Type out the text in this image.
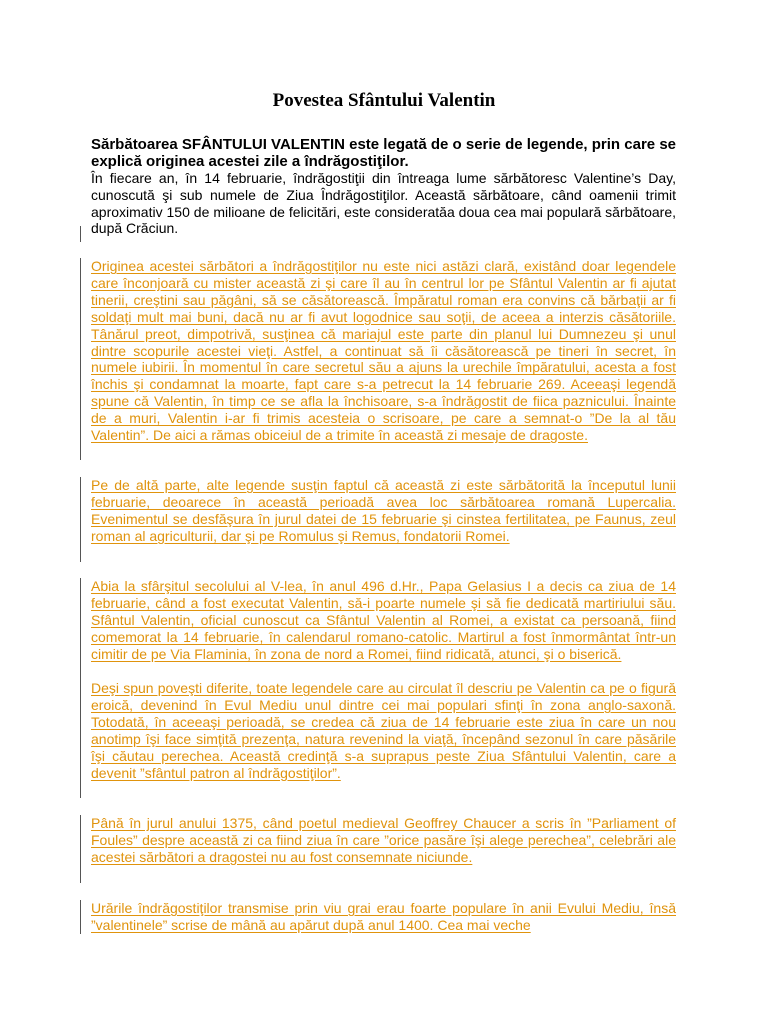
Povestea Sfântului Valentin

Sărbătoarea SFÂNTULUI VALENTIN este legată de o serie de legende, prin care se explică originea acestei zile a îndrăgostiţilor.

În fiecare an, în 14 februarie, îndrăgostiţii din întreaga lume sărbătoresc Valentine’s Day, cunoscută şi sub numele de Ziua Îndrăgostiţilor. Această sărbătoare, când oamenii trimit aproximativ 150 de milioane de felicitări, este consideratăa doua cea mai populară sărbătoare, după Crăciun.

Originea acestei sărbători a îndrăgostiţilor nu este nici astăzi clară, existând doar legendele care înconjoară cu mister această zi şi care îl au în centrul lor pe Sfântul Valentin ar fi ajutat tinerii, creştini sau păgâni, să se căsătorească. Împăratul roman era convins că bărbaţii ar fi soldaţi mult mai buni, dacă nu ar fi avut logodnice sau soţii, de aceea a interzis căsătoriile. Tânărul preot, dimpotrivă, susţinea că mariajul este parte din planul lui Dumnezeu şi unul dintre scopurile acestei vieţi. Astfel, a continuat să îi căsătorească pe tineri în secret, în numele iubirii. În momentul în care secretul său a ajuns la urechile împăratului, acesta a fost închis şi condamnat la moarte, fapt care s-a petrecut la 14 februarie 269. Aceeaşi legendă spune că Valentin, în timp ce se afla la închisoare, s-a îndrăgostit de fiica paznicului. Înainte de a muri, Valentin i-ar fi trimis acesteia o scrisoare, pe care a semnat-o ”De la al tău Valentin”. De aici a rămas obiceiul de a trimite în această zi mesaje de dragoste.

Pe de altă parte, alte legende susţin faptul că această zi este sărbătorită la începutul lunii februarie, deoarece în această perioadă avea loc sărbătoarea romană Lupercalia. Evenimentul se desfăşura în jurul datei de 15 februarie şi cinstea fertilitatea, pe Faunus, zeul roman al agriculturii, dar şi pe Romulus şi Remus, fondatorii Romei.

Abia la sfârşitul secolului al V-lea, în anul 496 d.Hr., Papa Gelasius I a decis ca ziua de 14 februarie, când a fost executat Valentin, să-i poarte numele şi să fie dedicată martiriului său. Sfântul Valentin, oficial cunoscut ca Sfântul Valentin al Romei, a existat ca persoană, fiind comemorat la 14 februarie, în calendarul romano-catolic. Martirul a fost înmormântat într-un cimitir de pe Via Flaminia, în zona de nord a Romei, fiind ridicată, atunci, şi o biserică.

Deşi spun poveşti diferite, toate legendele care au circulat îl descriu pe Valentin ca pe o figură eroică, devenind în Evul Mediu unul dintre cei mai populari sfinţi în zona anglo-saxonă. Totodată, în aceeaşi perioadă, se credea că ziua de 14 februarie este ziua în care un nou anotimp îşi face simţită prezenţa, natura revenind la viaţă, începând sezonul în care păsările îşi căutau perechea. Această credinţă s-a suprapus peste Ziua Sfântului Valentin, care a devenit ”sfântul patron al îndrăgostiţilor”.

Până în jurul anului 1375, când poetul medieval Geoffrey Chaucer a scris în ”Parliament of Foules” despre această zi ca fiind ziua în care ”orice pasăre îşi alege perechea”, celebrări ale acestei sărbători a dragostei nu au fost consemnate niciunde.

Urările îndrăgostiţilor transmise prin viu grai erau foarte populare în anii Evului Mediu, însă ”valentinele” scrise de mână au apărut după anul 1400. Cea mai veche
